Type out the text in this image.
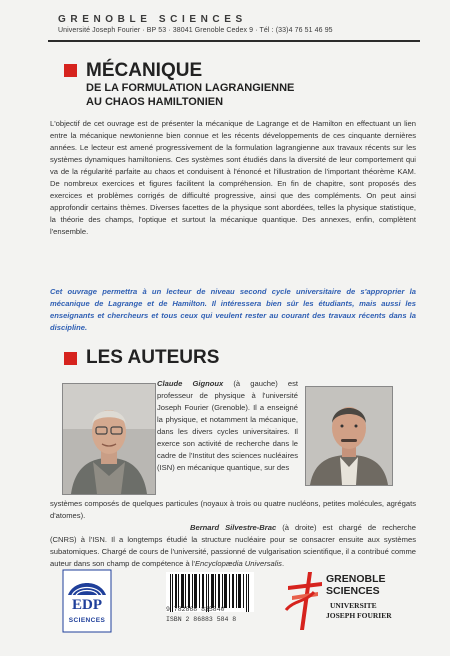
GRENOBLE SCIENCES
Université Joseph Fourier · BP 53 · 38041 Grenoble Cedex 9 · Tél : (33)4 76 51 46 95
MÉCANIQUE
DE LA FORMULATION LAGRANGIENNE
AU CHAOS HAMILTONIEN
L'objectif de cet ouvrage est de présenter la mécanique de Lagrange et de Hamilton en effectuant un lien entre la mécanique newtonienne bien connue et les récents développements de ces cinquante dernières années. Le lecteur est amené progressivement de la formulation lagrangienne aux travaux récents sur les systèmes dynamiques hamiltoniens. Ces systèmes sont étudiés dans la diversité de leur comportement qui va de la régularité parfaite au chaos et conduisent à l'énoncé et l'illustration de l'important théorème KAM. De nombreux exercices et figures facilitent la compréhension. En fin de chapitre, sont proposés des exercices et problèmes corrigés de difficulté progressive, ainsi que des compléments. On peut ainsi approfondir certains thèmes. Diverses facettes de la physique sont abordées, telles la physique statistique, la théorie des champs, l'optique et surtout la mécanique quantique. Des annexes, enfin, complètent l'ensemble.
Cet ouvrage permettra à un lecteur de niveau second cycle universitaire de s'approprier la mécanique de Lagrange et de Hamilton. Il intéressera bien sûr les étudiants, mais aussi les enseignants et chercheurs et tous ceux qui veulent rester au courant des travaux récents dans la discipline.
LES AUTEURS
Claude Gignoux (à gauche) est professeur de physique à l'université Joseph Fourier (Grenoble). Il a enseigné la physique, et notamment la mécanique, dans les divers cycles universitaires. Il exerce son activité de recherche dans le cadre de l'Institut des sciences nucléaires (ISN) en mécanique quantique, sur des
systèmes composés de quelques particules (noyaux à trois ou quatre nucléons, petites molécules, agrégats d'atomes).
Bernard Silvestre-Brac (à droite) est chargé de recherche (CNRS) à l'ISN. Il a longtemps étudié la structure nucléaire pour se consacrer ensuite aux systèmes subatomiques. Chargé de cours de l'université, passionné de vulgarisation scientifique, il a contribué comme auteur dans son champ de compétence à l'Encyclopædia Universalis.
EDP
SCIENCES
9 782868 835840
ISBN 2 86883 584 8
GRENOBLE
SCIENCES
UNIVERSITE
JOSEPH FOURIER
